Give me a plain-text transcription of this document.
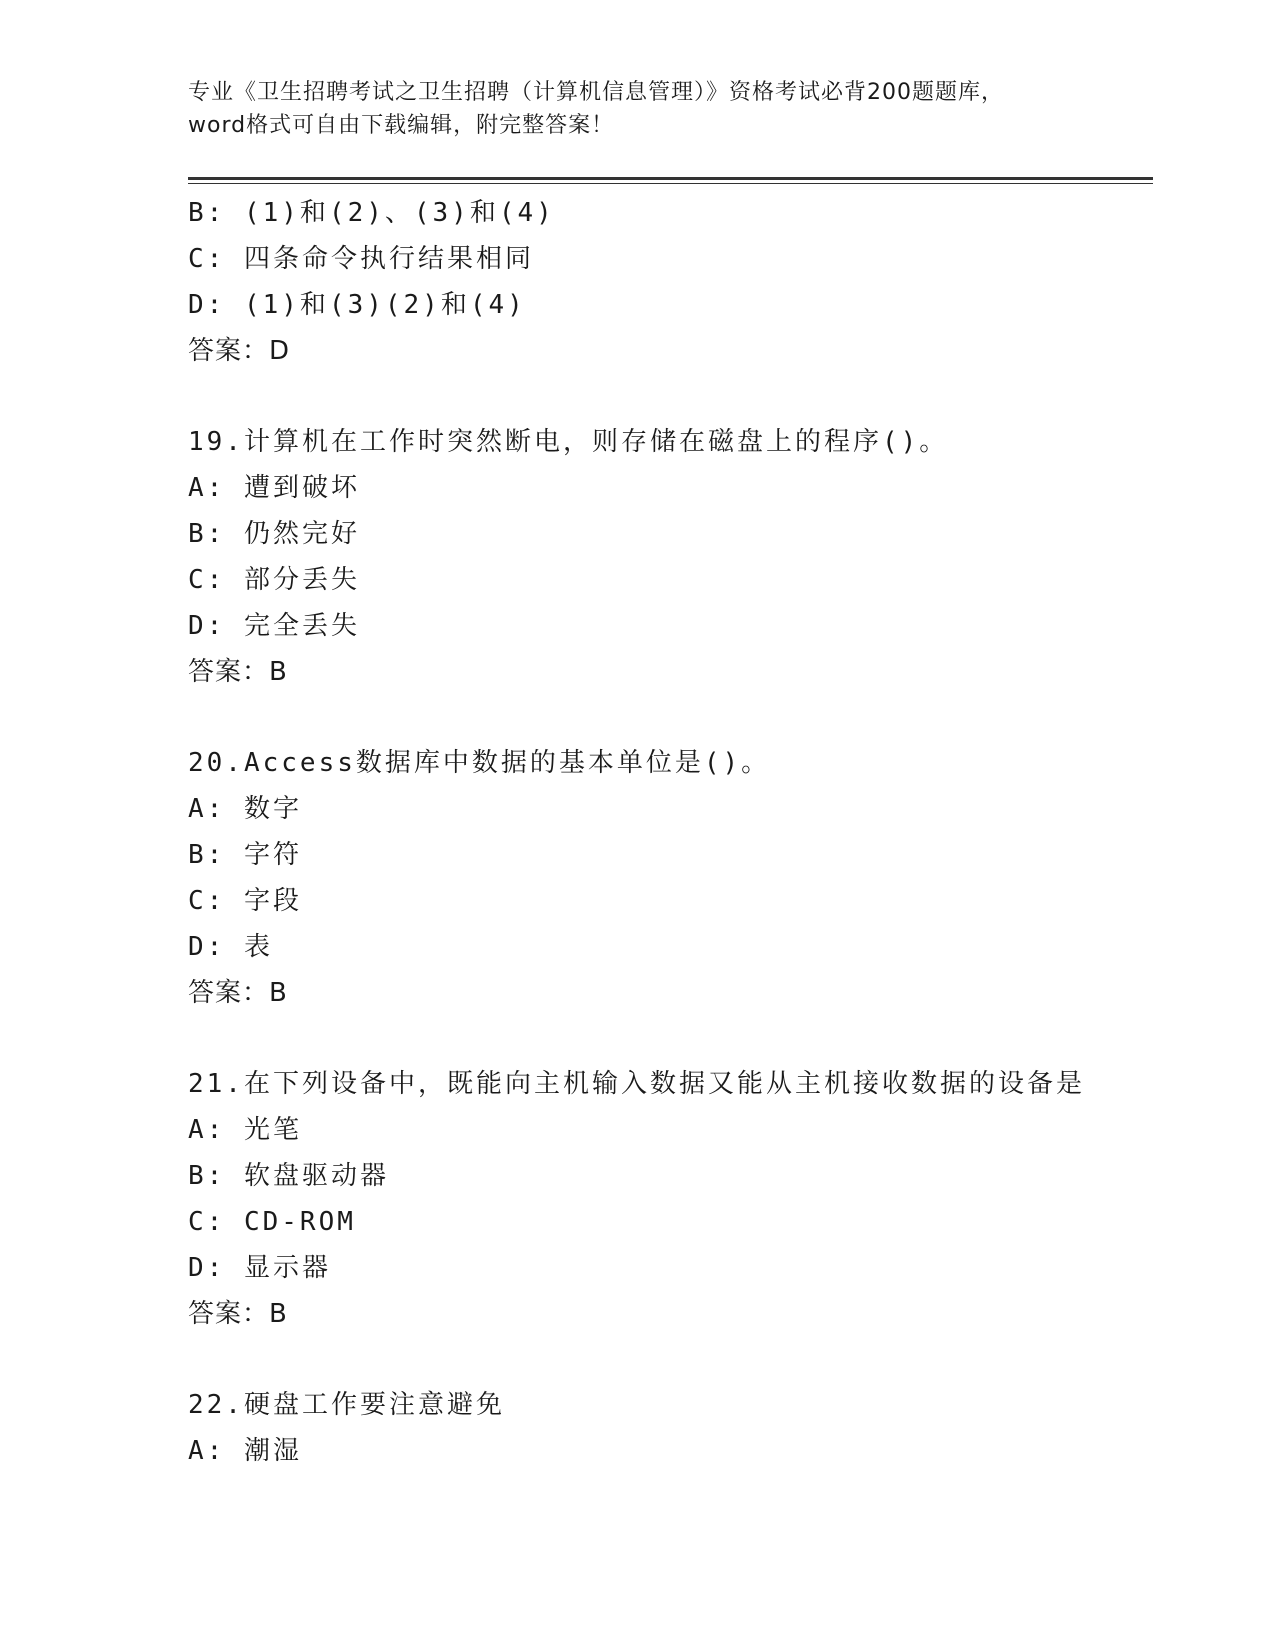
专业《卫生招聘考试之卫生招聘（计算机信息管理）》资格考试必背200题题库，
word格式可自由下载编辑，附完整答案！
B: (1)和(2)、(3)和(4)
C: 四条命令执行结果相同
D: (1)和(3)(2)和(4)
答案：D
19.计算机在工作时突然断电，则存储在磁盘上的程序()。
A: 遭到破坏
B: 仍然完好
C: 部分丢失
D: 完全丢失
答案：B
20.Access数据库中数据的基本单位是()。
A: 数字
B: 字符
C: 字段
D: 表
答案：B
21.在下列设备中，既能向主机输入数据又能从主机接收数据的设备是
A: 光笔
B: 软盘驱动器
C: CD-ROM
D: 显示器
答案：B
22.硬盘工作要注意避免
A: 潮湿
